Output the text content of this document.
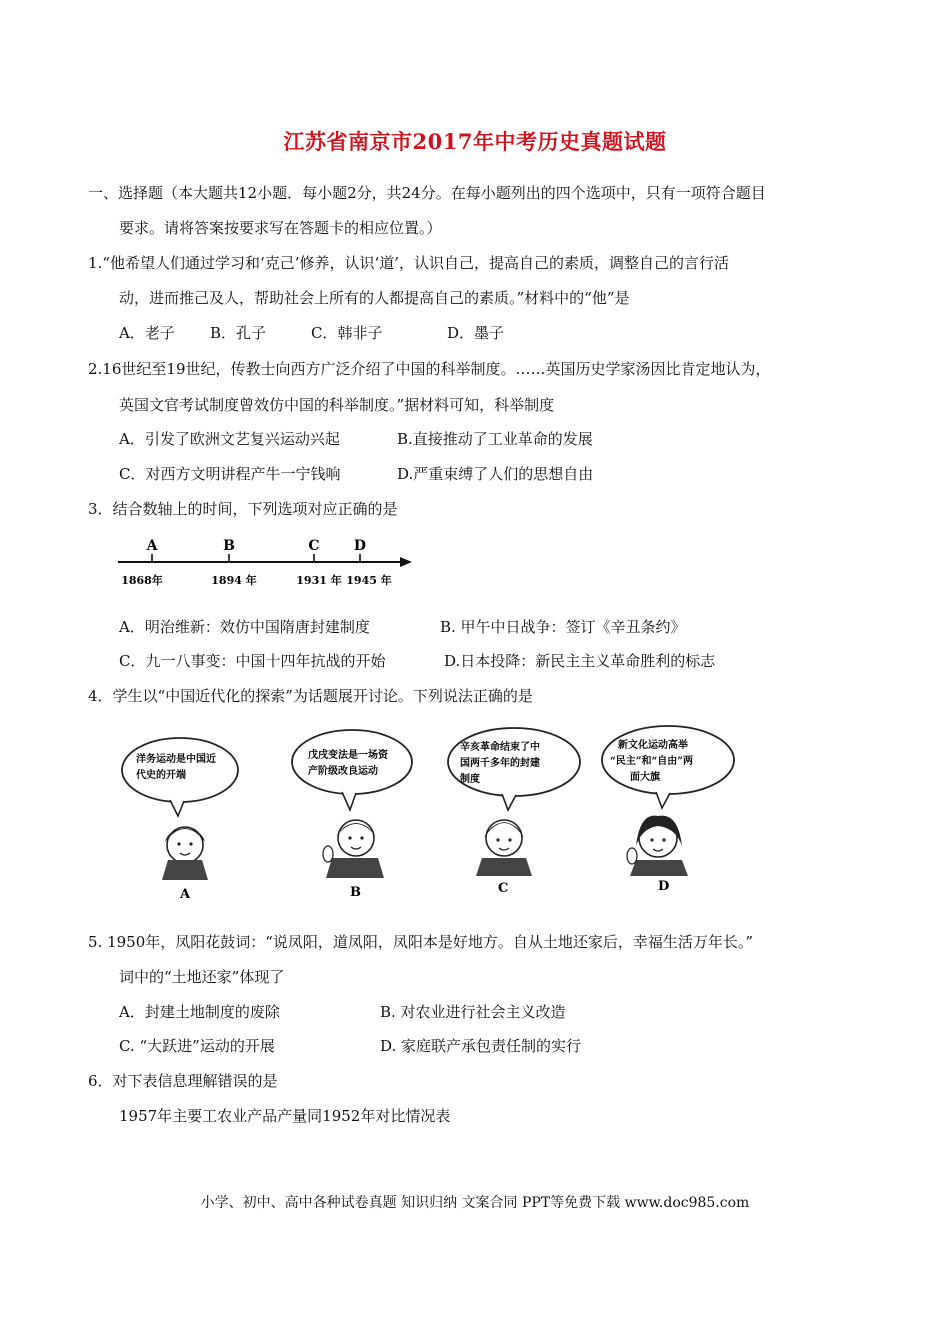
江苏省南京市2017年中考历史真题试题
一、选择题（本大题共12小题．每小题2分，共24分。在每小题列出的四个选项中，只有一项符合题目
要求。请将答案按要求写在答题卡的相应位置。）
1.“他希望人们通过学习和‘克己’修养，认识‘道’，认识自己，提高自己的素质，调整自己的言行活
动，进而推己及人，帮助社会上所有的人都提高自己的素质。”材料中的“他”是
A．老子 B．孔子	C．韩非子	D．墨子
2.16世纪至19世纪，传教士向西方广泛介绍了中国的科举制度。……英国历史学家汤因比肯定地认为，
英国文官考试制度曾效仿中国的科举制度。”据材料可知，科举制度
A．引发了欧洲文艺复兴运动兴起	B.直接推动了工业革命的发展
C．对西方文明讲程产牛一宁钱响	D.严重束缚了人们的思想自由
3．结合数轴上的时间，下列选项对应正确的是
A
1868年
B
1894 年
C
1931 年
D
1945 年
A．明治维新：效仿中国隋唐封建制度	B. 甲午中日战争：签订《辛丑条约》
C．九一八事变：中国十四年抗战的开始	D.日本投降：新民主主义革命胜利的标志
4．学生以“中国近代化的探索”为话题展开讨论。下列说法正确的是
洋务运动是中国近
代史的开端
A
戊戌变法是一场资
产阶级改良运动
B
辛亥革命结束了中
国两千多年的封建
制度
C
新文化运动高举
“民主”和“自由”两
面大旗
D
5. 1950年，凤阳花鼓词：“说凤阳，道凤阳，凤阳本是好地方。自从土地还家后，幸福生活万年长。”
词中的“土地还家”体现了
A．封建土地制度的废除	B. 对农业进行社会主义改造
C. “大跃进”运动的开展	D. 家庭联产承包责任制的实行
6．对下表信息理解错误的是
1957年主要工农业产品产量同1952年对比情况表
小学、初中、高中各种试卷真题 知识归纳 文案合同 PPT等免费下载 www.doc985.com
